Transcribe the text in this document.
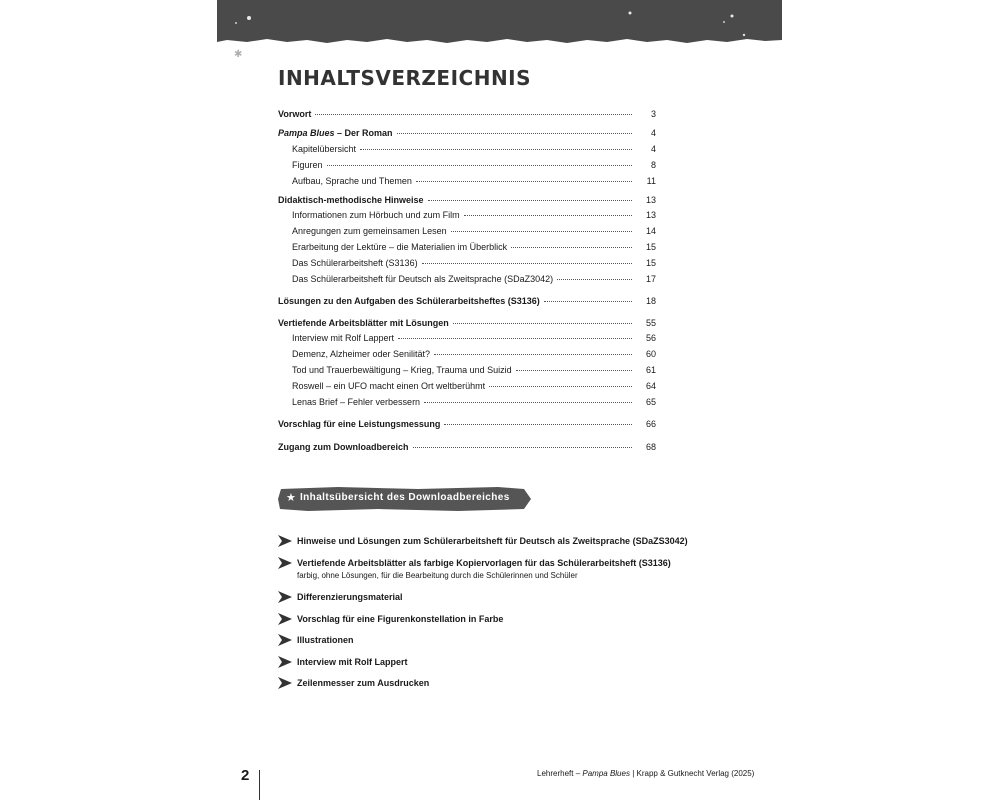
✱
INHALTSVERZEICHNIS
Vorwort	3
Pampa Blues – Der Roman	4
Kapitelübersicht	4
Figuren	8
Aufbau, Sprache und Themen	11
Didaktisch-methodische Hinweise	13
Informationen zum Hörbuch und zum Film	13
Anregungen zum gemeinsamen Lesen	14
Erarbeitung der Lektüre – die Materialien im Überblick	15
Das Schülerarbeitsheft (S3136)	15
Das Schülerarbeitsheft für Deutsch als Zweitsprache (SDaZ3042)	17
Lösungen zu den Aufgaben des Schülerarbeitsheftes (S3136)	18
Vertiefende Arbeitsblätter mit Lösungen	55
Interview mit Rolf Lappert	56
Demenz, Alzheimer oder Senilität?	60
Tod und Trauerbewältigung – Krieg, Trauma und Suizid	61
Roswell – ein UFO macht einen Ort weltberühmt	64
Lenas Brief – Fehler verbessern	65
Vorschlag für eine Leistungsmessung	66
Zugang zum Downloadbereich	68
★ Inhaltsübersicht des Downloadbereiches
Hinweise und Lösungen zum Schülerarbeitsheft für Deutsch als Zweitsprache (SDaZS3042)
Vertiefende Arbeitsblätter als farbige Kopiervorlagen für das Schülerarbeitsheft (S3136)
farbig, ohne Lösungen, für die Bearbeitung durch die Schülerinnen und Schüler
Differenzierungsmaterial
Vorschlag für eine Figurenkonstellation in Farbe
Illustrationen
Interview mit Rolf Lappert
Zeilenmesser zum Ausdrucken
2	Lehrerheft – Pampa Blues | Krapp & Gutknecht Verlag (2025)
